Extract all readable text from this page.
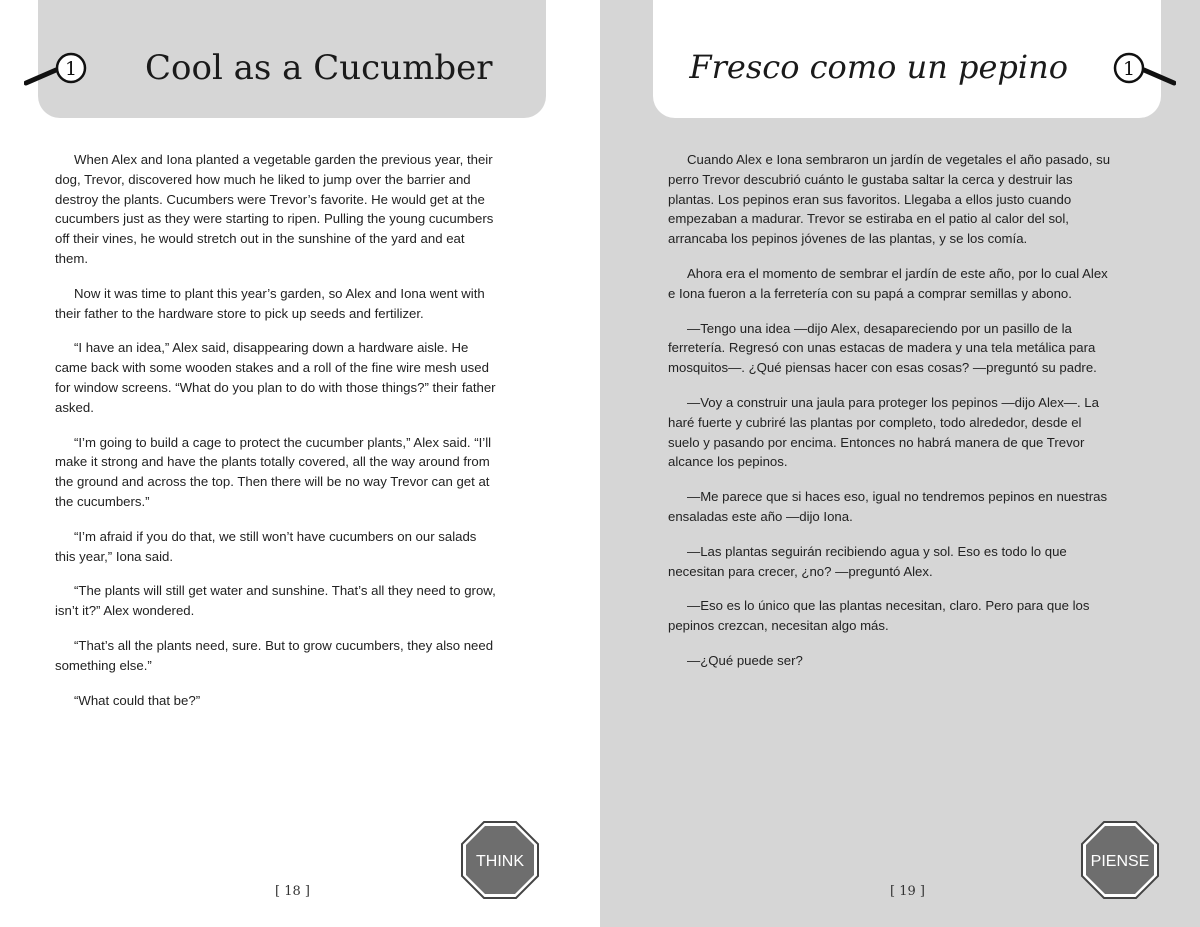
1 Cool as a Cucumber	1
Fresco como un pepino

When Alex and Iona planted a vegetable garden the previous year, their dog, Trevor, discovered how much he liked to jump over the barrier and destroy the plants. Cucumbers were Trevor’s favorite. He would get at the cucumbers just as they were starting to ripen. Pulling the young cucumbers off their vines, he would stretch out in the sunshine of the yard and eat them.

Now it was time to plant this year’s garden, so Alex and Iona went with their father to the hardware store to pick up seeds and fertilizer.

“I have an idea,” Alex said, disappearing down a hardware aisle. He came back with some wooden stakes and a roll of the fine wire mesh used for window screens. “What do you plan to do with those things?” their father asked.

“I’m going to build a cage to protect the cucumber plants,” Alex said. “I’ll make it strong and have the plants totally covered, all the way around from the ground and across the top. Then there will be no way Trevor can get at the cucumbers.”

“I’m afraid if you do that, we still won’t have cucumbers on our salads this year,” Iona said.

“The plants will still get water and sunshine. That’s all they need to grow, isn’t it?” Alex wondered.

“That’s all the plants need, sure. But to grow cucumbers, they also need something else.”

“What could that be?”

Cuando Alex e Iona sembraron un jardín de vegetales el año pasado, su perro Trevor descubrió cuánto le gustaba saltar la cerca y destruir las plantas. Los pepinos eran sus favoritos. Llegaba a ellos justo cuando empezaban a madurar. Trevor se estiraba en el patio al calor del sol, arrancaba los pepinos jóvenes de las plantas, y se los comía.

Ahora era el momento de sembrar el jardín de este año, por lo cual Alex e Iona fueron a la ferretería con su papá a comprar semillas y abono.

—Tengo una idea —dijo Alex, desapareciendo por un pasillo de la ferretería. Regresó con unas estacas de madera y una tela metálica para mosquitos—. ¿Qué piensas hacer con esas cosas? —preguntó su padre.

—Voy a construir una jaula para proteger los pepinos —dijo Alex—. La haré fuerte y cubriré las plantas por completo, todo alrededor, desde el suelo y pasando por encima. Entonces no habrá manera de que Trevor alcance los pepinos.

—Me parece que si haces eso, igual no tendremos pepinos en nuestras ensaladas este año —dijo Iona.

—Las plantas seguirán recibiendo agua y sol. Eso es todo lo que necesitan para crecer, ¿no? —preguntó Alex.

—Eso es lo único que las plantas necesitan, claro. Pero para que los pepinos crezcan, necesitan algo más.

—¿Qué puede ser?

THINK	PIENSE
[ 18 ]	[ 19 ]
